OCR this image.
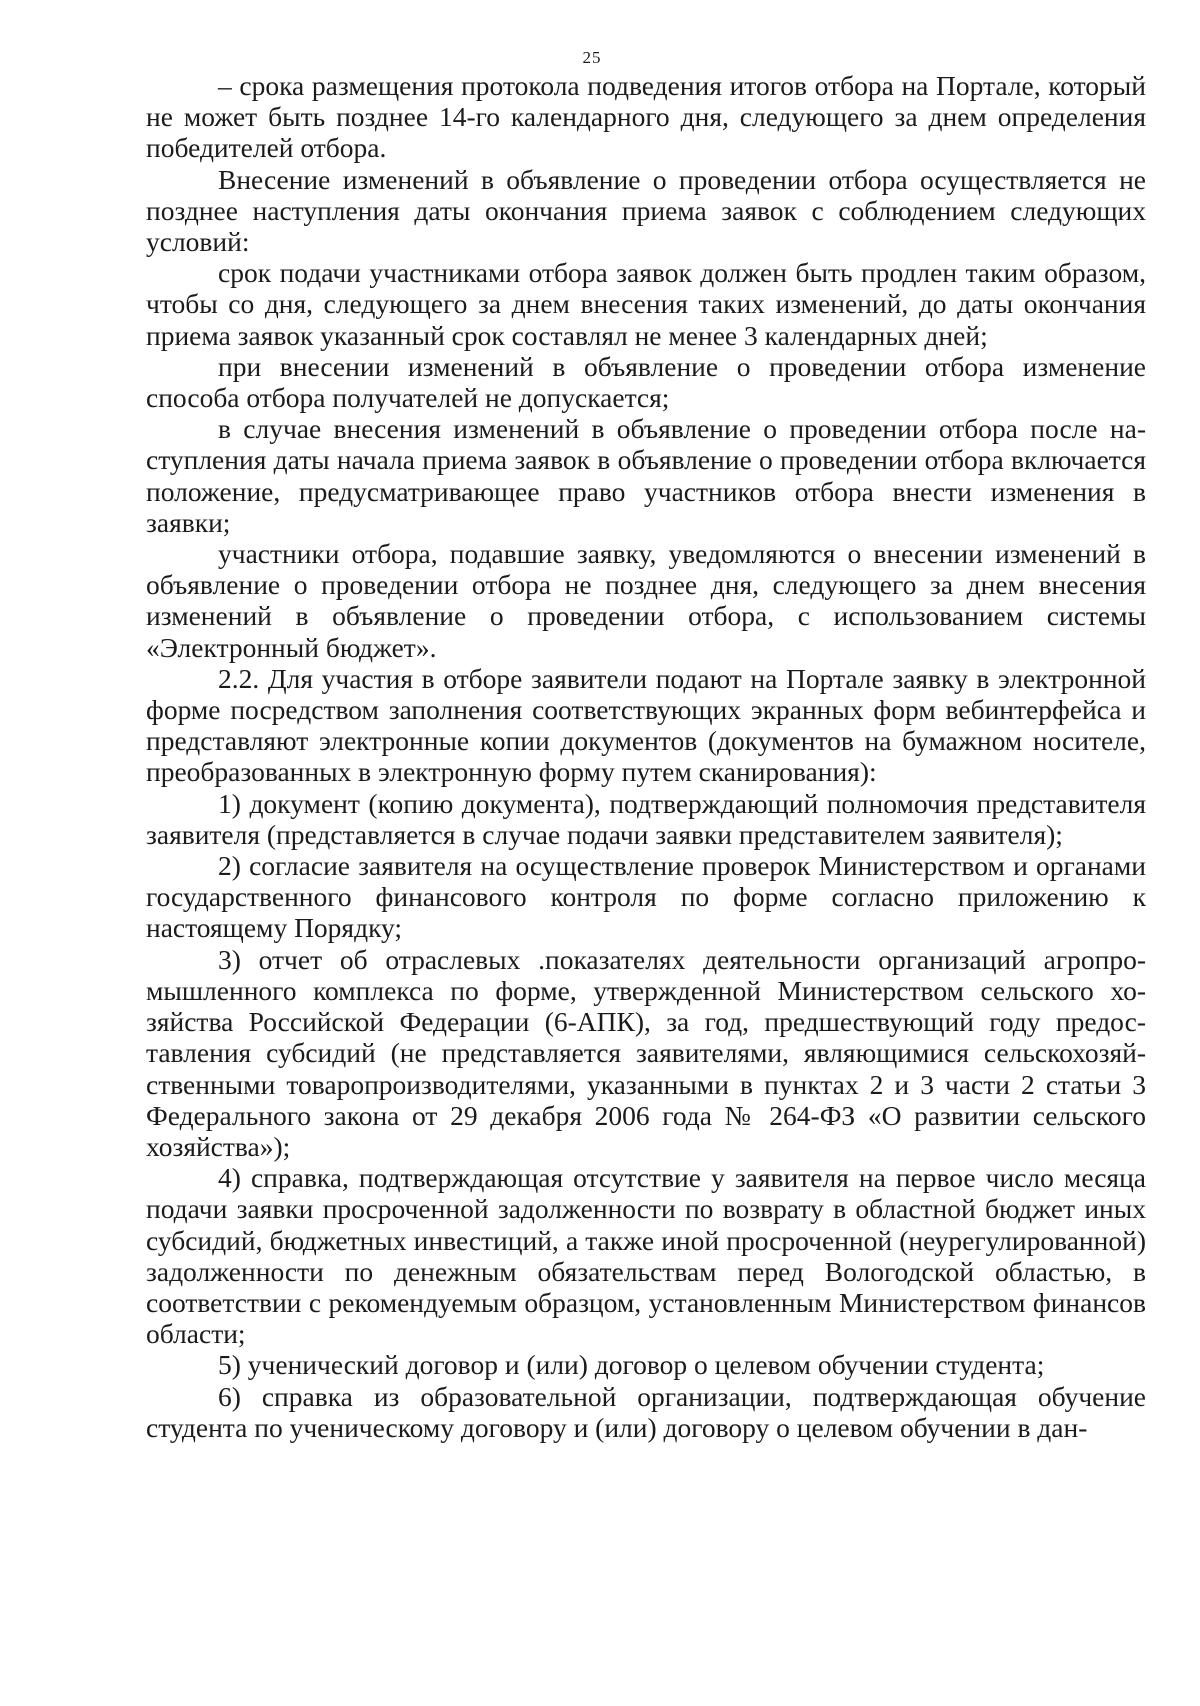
25

– срока размещения протокола подведения итогов отбора на Портале, который не может быть позднее 14-го календарного дня, следующего за днем определения победителей отбора.

Внесение изменений в объявление о проведении отбора осуществляется не позднее наступления даты окончания приема заявок с соблюдением следующих условий:

срок подачи участниками отбора заявок должен быть продлен таким образом, чтобы со дня, следующего за днем внесения таких изменений, до даты окончания приема заявок указанный срок составлял не менее 3 календарных дней;

при внесении изменений в объявление о проведении отбора изменение способа отбора получателей не допускается;

в случае внесения изменений в объявление о проведении отбора после наступления даты начала приема заявок в объявление о проведении отбора включается положение, предусматривающее право участников отбора внести изменения в заявки;

участники отбора, подавшие заявку, уведомляются о внесении изменений в объявление о проведении отбора не позднее дня, следующего за днем внесения изменений в объявление о проведении отбора, с использованием системы «Электронный бюджет».

2.2. Для участия в отборе заявители подают на Портале заявку в электронной форме посредством заполнения соответствующих экранных форм вебинтерфейса и представляют электронные копии документов (документов на бумажном носителе, преобразованных в электронную форму путем сканирования):

1) документ (копию документа), подтверждающий полномочия представителя заявителя (представляется в случае подачи заявки представителем заявителя);

2) согласие заявителя на осуществление проверок Министерством и органами государственного финансового контроля по форме согласно приложению к настоящему Порядку;

3) отчет об отраслевых .показателях деятельности организаций агропромышленного комплекса по форме, утвержденной Министерством сельского хозяйства Российской Федерации (6-АПК), за год, предшествующий году предоставления субсидий (не представляется заявителями, являющимися сельскохозяйственными товаропроизводителями, указанными в пунктах 2 и 3 части 2 статьи 3 Федерального закона от 29 декабря 2006 года № 264-ФЗ «О развитии сельского хозяйства»);

4) справка, подтверждающая отсутствие у заявителя на первое число месяца подачи заявки просроченной задолженности по возврату в областной бюджет иных субсидий, бюджетных инвестиций, а также иной просроченной (неурегулированной) задолженности по денежным обязательствам перед Вологодской областью, в соответствии с рекомендуемым образцом, установленным Министерством финансов области;

5) ученический договор и (или) договор о целевом обучении студента;

6) справка из образовательной организации, подтверждающая обучение студента по ученическому договору и (или) договору о целевом обучении в дан-
